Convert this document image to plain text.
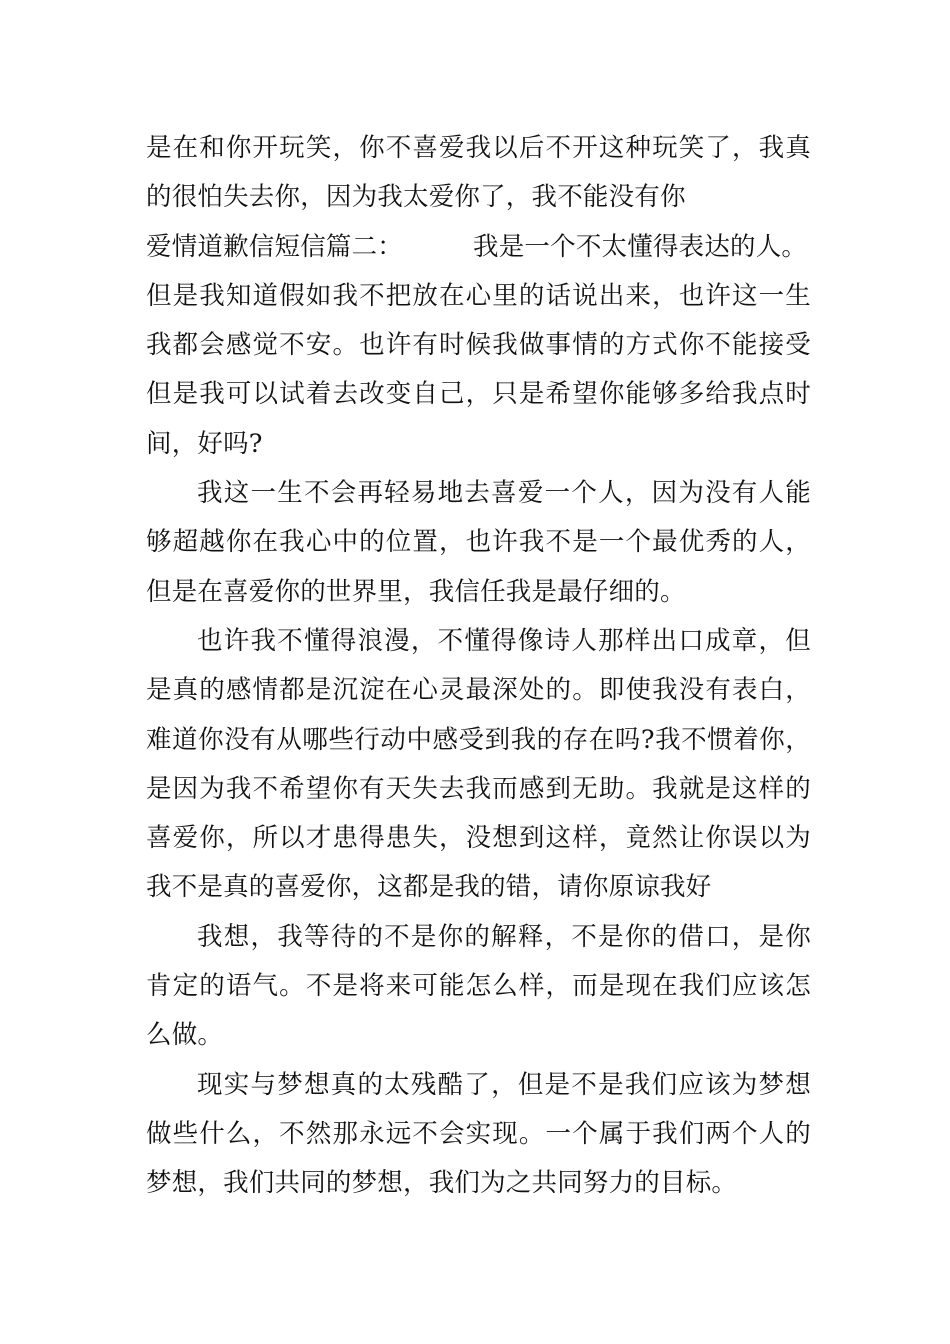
是在和你开玩笑，你不喜爱我以后不开这种玩笑了，我真的很怕失去你，因为我太爱你了，我不能没有你

爱情道歉信短信篇二：	我是一个不太懂得表达的人。

但是我知道假如我不把放在心里的话说出来，也许这一生我都会感觉不安。也许有时候我做事情的方式你不能接受但是我可以试着去改变自己，只是希望你能够多给我点时间，好吗?

我这一生不会再轻易地去喜爱一个人，因为没有人能够超越你在我心中的位置，也许我不是一个最优秀的人，但是在喜爱你的世界里，我信任我是最仔细的。

也许我不懂得浪漫，不懂得像诗人那样出口成章，但是真的感情都是沉淀在心灵最深处的。即使我没有表白，难道你没有从哪些行动中感受到我的存在吗?我不惯着你，是因为我不希望你有天失去我而感到无助。我就是这样的喜爱你，所以才患得患失，没想到这样，竟然让你误以为我不是真的喜爱你，这都是我的错，请你原谅我好

我想，我等待的不是你的解释，不是你的借口，是你肯定的语气。不是将来可能怎么样，而是现在我们应该怎么做。

现实与梦想真的太残酷了，但是不是我们应该为梦想做些什么，不然那永远不会实现。一个属于我们两个人的梦想，我们共同的梦想，我们为之共同努力的目标。
